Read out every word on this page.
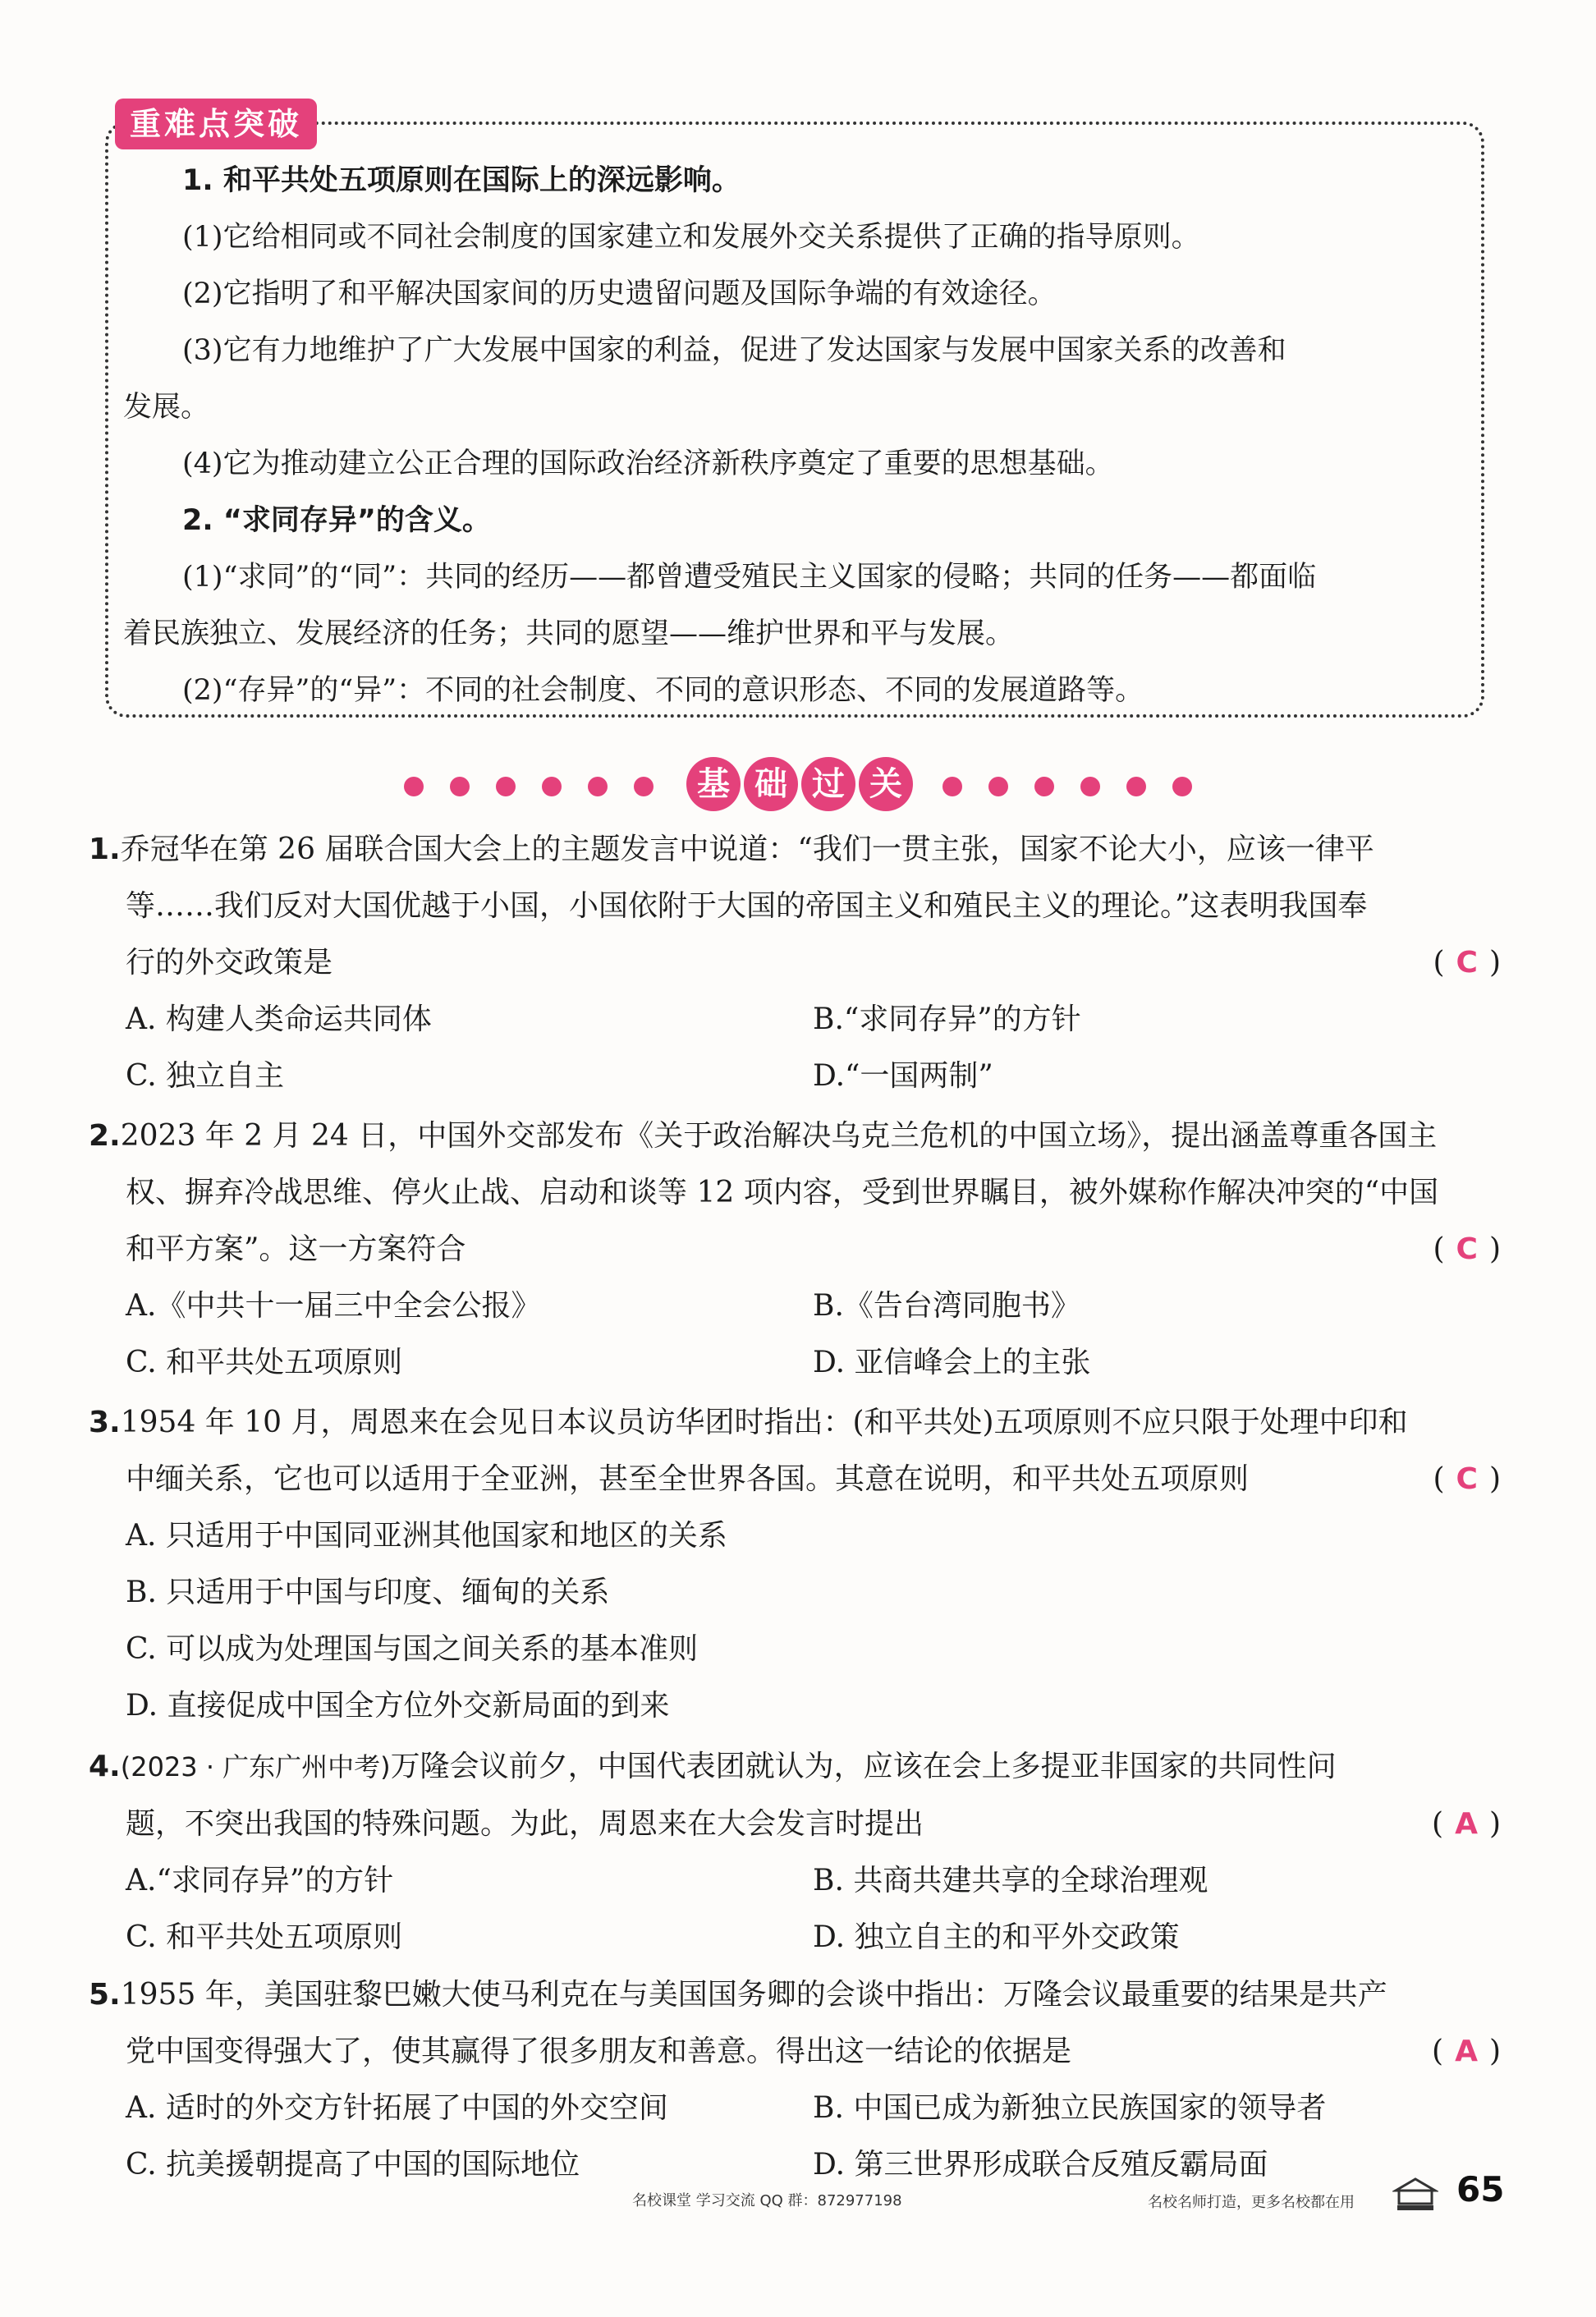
重难点突破
1. 和平共处五项原则在国际上的深远影响。
(1)它给相同或不同社会制度的国家建立和发展外交关系提供了正确的指导原则。
(2)它指明了和平解决国家间的历史遗留问题及国际争端的有效途径。
(3)它有力地维护了广大发展中国家的利益，促进了发达国家与发展中国家关系的改善和
发展。
(4)它为推动建立公正合理的国际政治经济新秩序奠定了重要的思想基础。
2. “求同存异”的含义。
(1)“求同”的“同”：共同的经历——都曾遭受殖民主义国家的侵略；共同的任务——都面临
着民族独立、发展经济的任务；共同的愿望——维护世界和平与发展。
(2)“存异”的“异”：不同的社会制度、不同的意识形态、不同的发展道路等。
基 础 过 关
1.乔冠华在第 26 届联合国大会上的主题发言中说道：“我们一贯主张，国家不论大小，应该一律平
等……我们反对大国优越于小国，小国依附于大国的帝国主义和殖民主义的理论。”这表明我国奉
行的外交政策是	( C )
A. 构建人类命运共同体	B.“求同存异”的方针
C. 独立自主	D.“一国两制”
2.2023 年 2 月 24 日，中国外交部发布《关于政治解决乌克兰危机的中国立场》，提出涵盖尊重各国主
权、摒弃冷战思维、停火止战、启动和谈等 12 项内容，受到世界瞩目，被外媒称作解决冲突的“中国
和平方案”。这一方案符合	( C )
A.《中共十一届三中全会公报》	B.《告台湾同胞书》
C. 和平共处五项原则	D. 亚信峰会上的主张
3.1954 年 10 月，周恩来在会见日本议员访华团时指出：(和平共处)五项原则不应只限于处理中印和
中缅关系，它也可以适用于全亚洲，甚至全世界各国。其意在说明，和平共处五项原则	( C )
A. 只适用于中国同亚洲其他国家和地区的关系
B. 只适用于中国与印度、缅甸的关系
C. 可以成为处理国与国之间关系的基本准则
D. 直接促成中国全方位外交新局面的到来
4.(2023 · 广东广州中考)万隆会议前夕，中国代表团就认为，应该在会上多提亚非国家的共同性问
题，不突出我国的特殊问题。为此，周恩来在大会发言时提出	( A )
A.“求同存异”的方针	B. 共商共建共享的全球治理观
C. 和平共处五项原则	D. 独立自主的和平外交政策
5.1955 年，美国驻黎巴嫩大使马利克在与美国国务卿的会谈中指出：万隆会议最重要的结果是共产
党中国变得强大了，使其赢得了很多朋友和善意。得出这一结论的依据是	( A )
A. 适时的外交方针拓展了中国的外交空间	B. 中国已成为新独立民族国家的领导者
C. 抗美援朝提高了中国的国际地位	D. 第三世界形成联合反殖反霸局面
名校课堂 学习交流 QQ 群：872977198	名校名师打造，更多名校都在用	65
